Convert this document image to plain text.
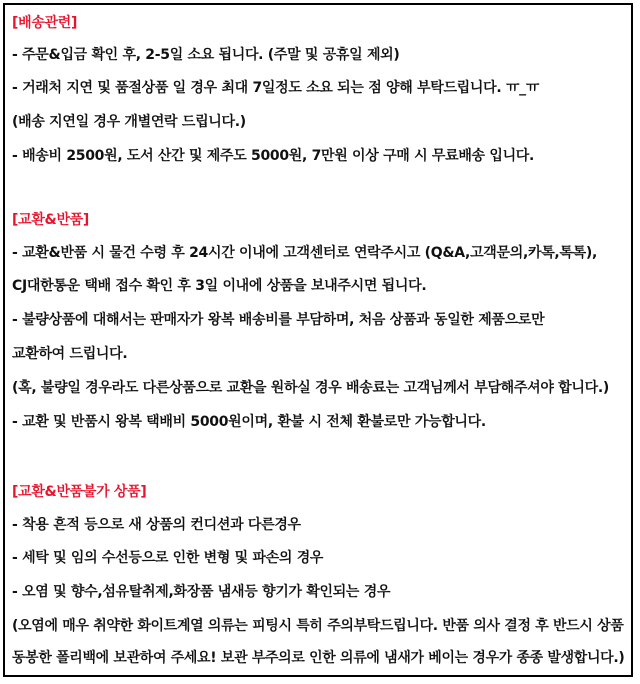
[배송관련]
- 주문&입금 확인 후, 2-5일 소요 됩니다. (주말 및 공휴일 제외)
- 거래처 지연 및 품절상품 일 경우 최대 7일정도 소요 되는 점 양해 부탁드립니다. ㅠ_ㅠ
(배송 지연일 경우 개별연락 드립니다.)
- 배송비 2500원, 도서 산간 및 제주도 5000원, 7만원 이상 구매 시 무료배송 입니다.
[교환&반품]
- 교환&반품 시 물건 수령 후 24시간 이내에 고객센터로 연락주시고 (Q&A,고객문의,카톡,톡톡),
CJ대한통운 택배 접수 확인 후 3일 이내에 상품을 보내주시면 됩니다.
- 불량상품에 대해서는 판매자가 왕복 배송비를 부담하며, 처음 상품과 동일한 제품으로만
교환하여 드립니다.
(혹, 불량일 경우라도 다른상품으로 교환을 원하실 경우 배송료는 고객님께서 부담해주셔야 합니다.)
- 교환 및 반품시 왕복 택배비 5000원이며, 환불 시 전체 환불로만 가능합니다.
[교환&반품불가 상품]
- 착용 흔적 등으로 새 상품의 컨디션과 다른경우
- 세탁 및 임의 수선등으로 인한 변형 및 파손의 경우
- 오염 및 향수,섬유탈취제,화장품 냄새등 향기가 확인되는 경우
(오염에 매우 취약한 화이트계열 의류는 피팅시 특히 주의부탁드립니다. 반품 의사 결정 후 반드시 상품
동봉한 폴리백에 보관하여 주세요! 보관 부주의로 인한 의류에 냄새가 베이는 경우가 종종 발생합니다.)
